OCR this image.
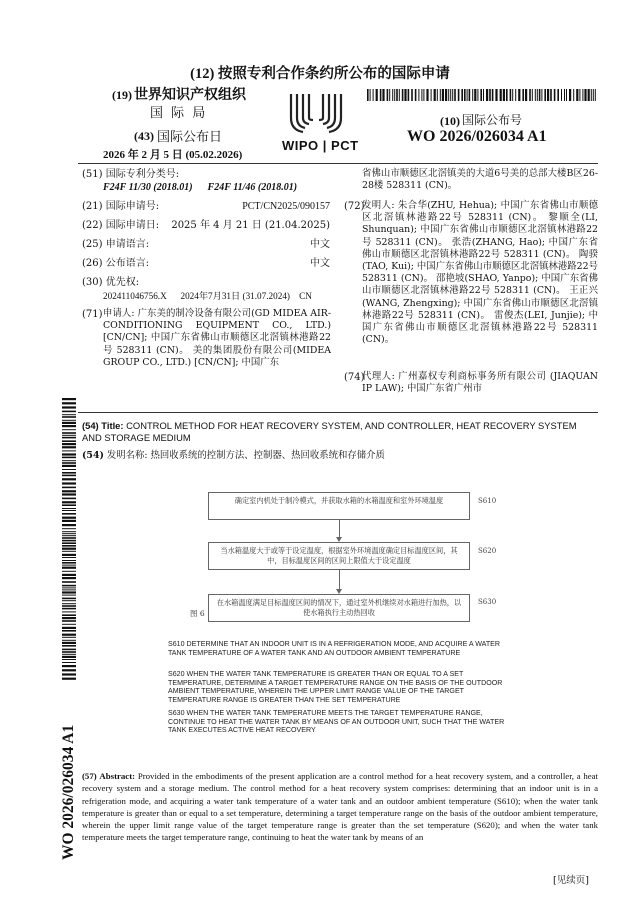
(12) 按照专利合作条约所公布的国际申请
(19) 世界知识产权组织
国 际 局
(43) 国际公布日
2026 年 2 月 5 日 (05.02.2026)
WIPO | PCT
(10) 国际公布号
WO 2026/026034 A1
(51) 国际专利分类号:
F24F 11/30 (2018.01)      F24F 11/46 (2018.01)
(21) 国际申请号:	PCT/CN2025/090157
(22) 国际申请日: 2025 年 4 月 21 日 (21.04.2025)
(25) 申请语言:	中文
(26) 公布语言:	中文
(30) 优先权:
202411046756.X      2024年7月31日 (31.07.2024)    CN
(71) 申请人: 广东美的制冷设备有限公司(GD MIDEA AIR-CONDITIONING EQUIPMENT CO., LTD.) [CN/CN]; 中国广东省佛山市顺德区北滘镇林港路22号 528311 (CN)。 美的集团股份有限公司(MIDEA GROUP CO., LTD.) [CN/CN]; 中国广东
省佛山市顺德区北滘镇美的大道6号美的总部大楼B区26-28楼 528311 (CN)。
(72)
发明人: 朱合华(ZHU, Hehua); 中国广东省佛山市顺德区北滘镇林港路22号 528311 (CN)。 黎顺全(LI, Shunquan); 中国广东省佛山市顺德区北滘镇林港路22号 528311 (CN)。 张浩(ZHANG, Hao); 中国广东省佛山市顺德区北滘镇林港路22号 528311 (CN)。 陶骙(TAO, Kui); 中国广东省佛山市顺德区北滘镇林港路22号 528311 (CN)。 邵艳坡(SHAO, Yanpo); 中国广东省佛山市顺德区北滘镇林港路22号 528311 (CN)。 王正兴(WANG, Zhengxing); 中国广东省佛山市顺德区北滘镇林港路22号 528311 (CN)。 雷俊杰(LEI, Junjie); 中国广东省佛山市顺德区北滘镇林港路22号 528311 (CN)。
(74)
代理人: 广州嘉权专利商标事务所有限公司 (JIAQUAN IP LAW); 中国广东省广州市
(54) Title: CONTROL METHOD FOR HEAT RECOVERY SYSTEM, AND CONTROLLER, HEAT RECOVERY SYSTEM AND STORAGE MEDIUM
(54) 发明名称: 热回收系统的控制方法、控制器、热回收系统和存储介质
确定室内机处于制冷模式，并获取水箱的水箱温度和室外环境温度	S610
当水箱温度大于或等于设定温度，根据室外环境温度确定目标温度区间，其中，目标温度区间的区间上限值大于设定温度
S620
在水箱温度满足目标温度区间的情况下，通过室外机继续对水箱进行加热，以使水箱执行主动热回收
S630
图 6
S610 DETERMINE THAT AN INDOOR UNIT IS IN A REFRIGERATION MODE, AND ACQUIRE A WATER TANK TEMPERATURE OF A WATER TANK AND AN OUTDOOR AMBIENT TEMPERATURE
S620 WHEN THE WATER TANK TEMPERATURE IS GREATER THAN OR EQUAL TO A SET TEMPERATURE, DETERMINE A TARGET TEMPERATURE RANGE ON THE BASIS OF THE OUTDOOR AMBIENT TEMPERATURE, WHEREIN THE UPPER LIMIT RANGE VALUE OF THE TARGET TEMPERATURE RANGE IS GREATER THAN THE SET TEMPERATURE
S630 WHEN THE WATER TANK TEMPERATURE MEETS THE TARGET TEMPERATURE RANGE, CONTINUE TO HEAT THE WATER TANK BY MEANS OF AN OUTDOOR UNIT, SUCH THAT THE WATER TANK EXECUTES ACTIVE HEAT RECOVERY
(57) Abstract: Provided in the embodiments of the present application are a control method for a heat recovery system, and a controller, a heat recovery system and a storage medium. The control method for a heat recovery system comprises: determining that an indoor unit is in a refrigeration mode, and acquiring a water tank temperature of a water tank and an outdoor ambient temperature (S610); when the water tank temperature is greater than or equal to a set temperature, determining a target temperature range on the basis of the outdoor ambient temperature, wherein the upper limit range value of the target temperature range is greater than the set temperature (S620); and when the water tank temperature meets the target temperature range, continuing to heat the water tank by means of an
WO 2026/026034 A1
[见续页]
